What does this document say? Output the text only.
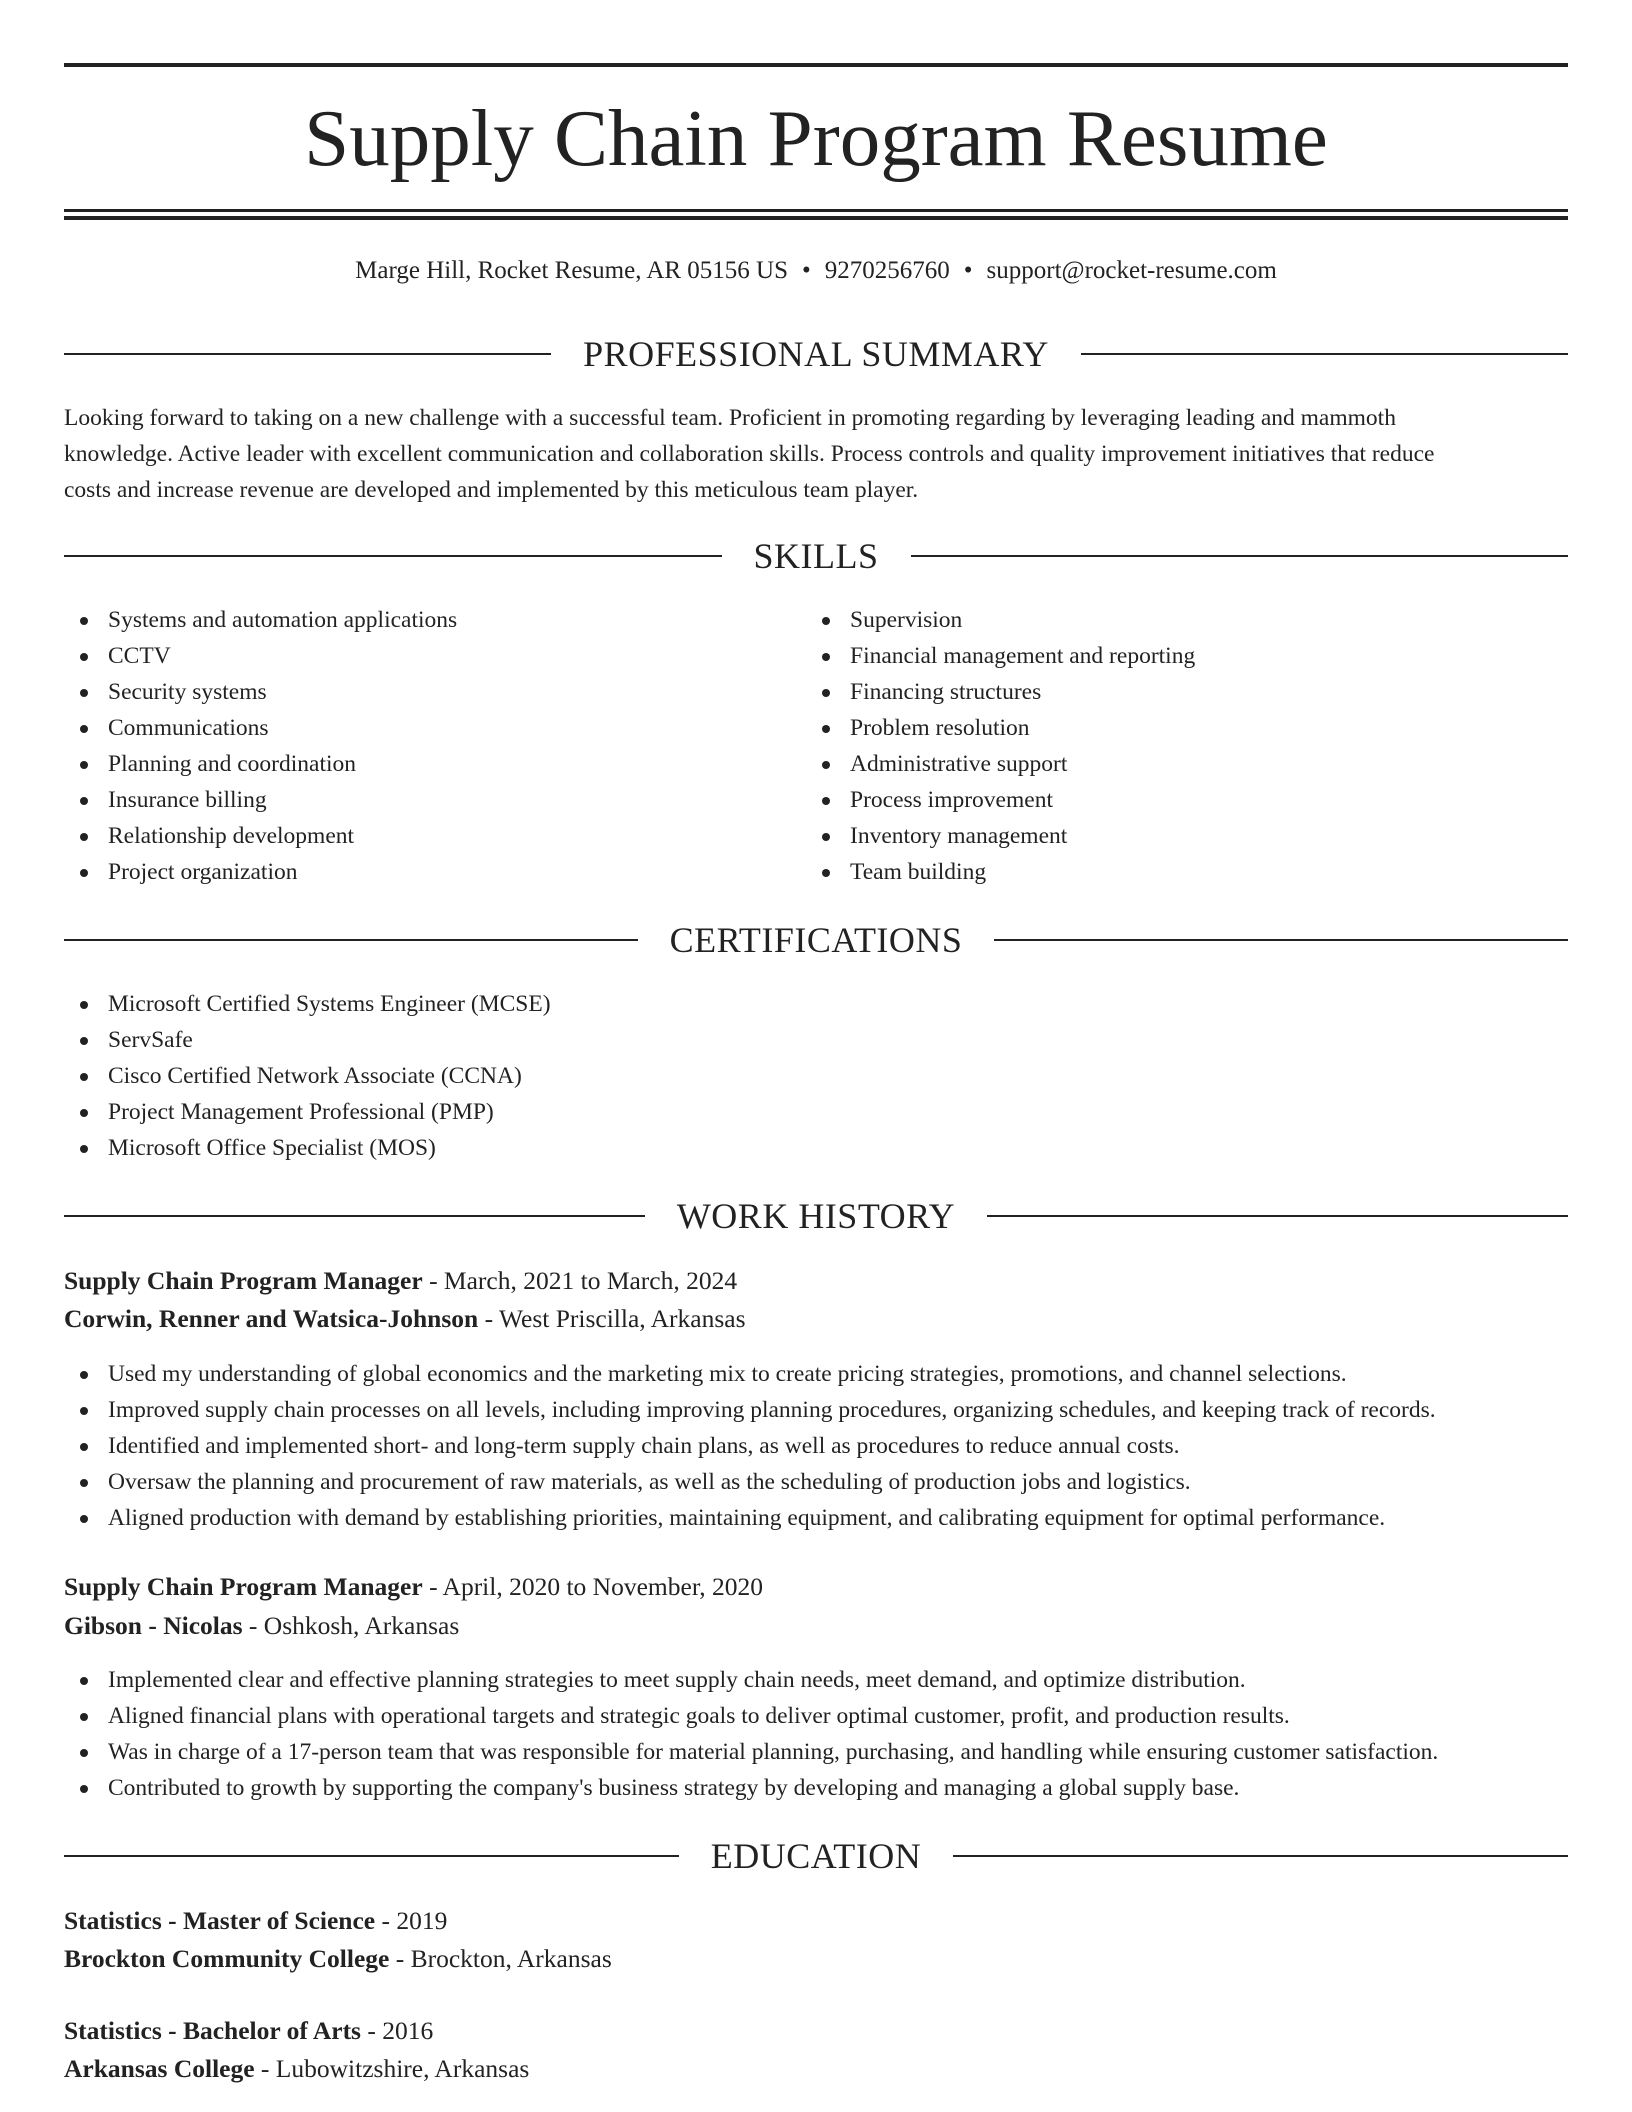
Supply Chain Program Resume
Marge Hill, Rocket Resume, AR 05156 US • 9270256760 • support@rocket-resume.com
PROFESSIONAL SUMMARY

Looking forward to taking on a new challenge with a successful team. Proficient in promoting regarding by leveraging leading and mammoth
knowledge. Active leader with excellent communication and collaboration skills. Process controls and quality improvement initiatives that reduce
costs and increase revenue are developed and implemented by this meticulous team player.

SKILLS
Systems and automation applications
CCTV
Security systems
Communications
Planning and coordination
Insurance billing
Relationship development
Project organization
Supervision
Financial management and reporting
Financing structures
Problem resolution
Administrative support
Process improvement
Inventory management
Team building
CERTIFICATIONS
Microsoft Certified Systems Engineer (MCSE)
ServSafe
Cisco Certified Network Associate (CCNA)
Project Management Professional (PMP)
Microsoft Office Specialist (MOS)
WORK HISTORY
Supply Chain Program Manager - March, 2021 to March, 2024
Corwin, Renner and Watsica-Johnson - West Priscilla, Arkansas
Used my understanding of global economics and the marketing mix to create pricing strategies, promotions, and channel selections.
Improved supply chain processes on all levels, including improving planning procedures, organizing schedules, and keeping track of records.
Identified and implemented short- and long-term supply chain plans, as well as procedures to reduce annual costs.
Oversaw the planning and procurement of raw materials, as well as the scheduling of production jobs and logistics.
Aligned production with demand by establishing priorities, maintaining equipment, and calibrating equipment for optimal performance.
Supply Chain Program Manager - April, 2020 to November, 2020
Gibson - Nicolas - Oshkosh, Arkansas
Implemented clear and effective planning strategies to meet supply chain needs, meet demand, and optimize distribution.
Aligned financial plans with operational targets and strategic goals to deliver optimal customer, profit, and production results.
Was in charge of a 17-person team that was responsible for material planning, purchasing, and handling while ensuring customer satisfaction.
Contributed to growth by supporting the company's business strategy by developing and managing a global supply base.
EDUCATION
Statistics - Master of Science - 2019
Brockton Community College - Brockton, Arkansas
Statistics - Bachelor of Arts - 2016
Arkansas College - Lubowitzshire, Arkansas
